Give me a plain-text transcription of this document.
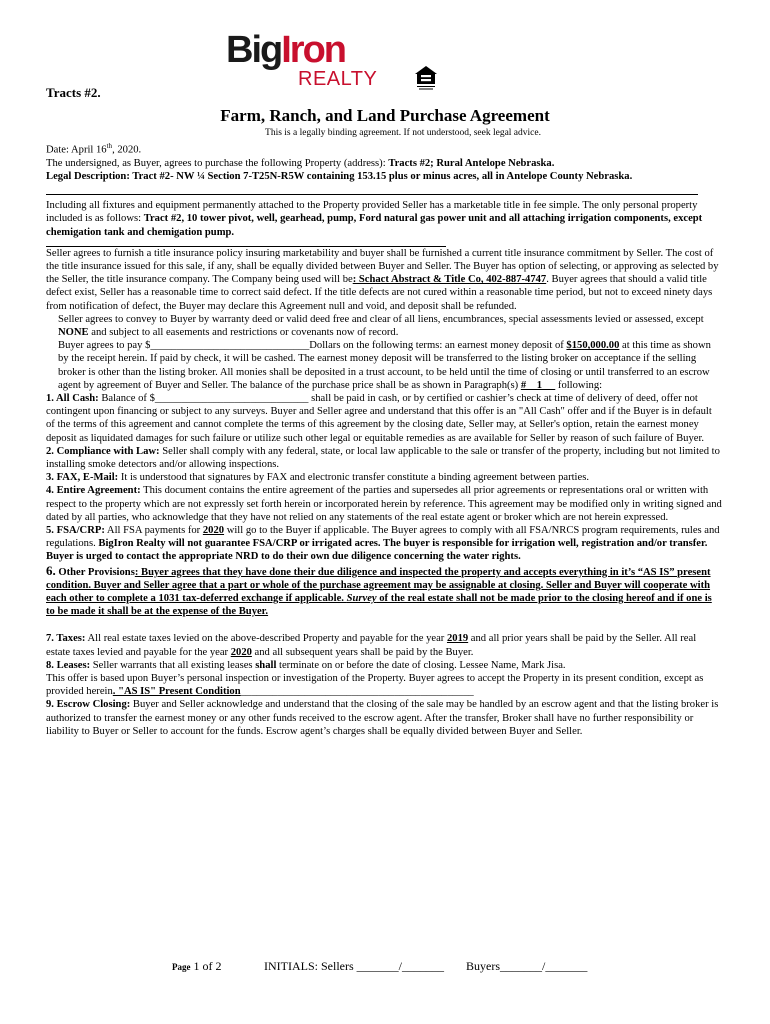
BigIron
REALTY
Tracts #2.
Farm, Ranch, and Land Purchase Agreement
This is a legally binding agreement. If not understood, seek legal advice.

Date: April 16th, 2020.

The undersigned, as Buyer, agrees to purchase the following Property (address): Tracts #2; Rural Antelope Nebraska.
Legal Description: Tract #2- NW ¼ Section 7-T25N-R5W containing 153.15 plus or minus acres, all in Antelope County Nebraska.

Including all fixtures and equipment permanently attached to the Property provided Seller has a marketable title in fee simple. The only personal property included is as follows: Tract #2, 10 tower pivot, well, gearhead, pump, Ford natural gas power unit and all attaching irrigation components, except chemigation tank and chemigation pump.

Seller agrees to furnish a title insurance policy insuring marketability and buyer shall be furnished a current title insurance commitment by Seller. The cost of the title insurance issued for this sale, if any, shall be equally divided between Buyer and Seller. The Buyer has option of selecting, or approving as selected by the Seller, the title insurance company. The Company being used will be: Schact Abstract & Title Co, 402-887-4747. Buyer agrees that should a valid title defect exist, Seller has a reasonable time to correct said defect. If the title defects are not cured within a reasonable time period, but not to exceed ninety days from notification of defect, the Buyer may declare this Agreement null and void, and deposit shall be refunded.

Seller agrees to convey to Buyer by warranty deed or valid deed free and clear of all liens, encumbrances, special assessments levied or assessed, except NONE and subject to all easements and restrictions or covenants now of record.

Buyer agrees to pay $______________________________Dollars on the following terms: an earnest money deposit of $150,000.00 at this time as shown by the receipt herein. If paid by check, it will be cashed. The earnest money deposit will be transferred to the listing broker on acceptance if the selling broker is other than the listing broker. All monies shall be deposited in a trust account, to be held until the time of closing or until transferred to an escrow agent by agreement of Buyer and Seller. The balance of the purchase price shall be as shown in Paragraph(s) #    1      following:

1. All Cash: Balance of $_____________________________ shall be paid in cash, or by certified or cashier’s check at time of delivery of deed, offer not contingent upon financing or subject to any surveys. Buyer and Seller agree and understand that this offer is an "All Cash" offer and if the Buyer is in default of the terms of this agreement and cannot complete the terms of this agreement by the closing date, Seller may, at Seller's option, retain the earnest money deposit as liquidated damages for such failure or utilize such other legal or equitable remedies as are available for Seller by reason of such failure of Buyer.

2. Compliance with Law: Seller shall comply with any federal, state, or local law applicable to the sale or transfer of the property, including but not limited to installing smoke detectors and/or allowing inspections.

3. FAX, E-Mail: It is understood that signatures by FAX and electronic transfer constitute a binding agreement between parties.

4. Entire Agreement: This document contains the entire agreement of the parties and supersedes all prior agreements or representations oral or written with respect to the property which are not expressly set forth herein or incorporated herein by reference. This agreement may be modified only in writing signed and dated by all parties, who acknowledge that they have not relied on any statements of the real estate agent or broker which are not herein expressed.

5. FSA/CRP: All FSA payments for 2020 will go to the Buyer if applicable. The Buyer agrees to comply with all FSA/NRCS program requirements, rules and regulations. BigIron Realty will not guarantee FSA/CRP or irrigated acres. The buyer is responsible for irrigation well, registration and/or transfer. Buyer is urged to contact the appropriate NRD to do their own due diligence concerning the water rights.

6. Other Provisions: Buyer agrees that they have done their due diligence and inspected the property and accepts everything in it’s “AS IS” present condition. Buyer and Seller agree that a part or whole of the purchase agreement may be assignable at closing. Seller and Buyer will cooperate with each other to complete a 1031 tax-deferred exchange if applicable. Survey of the real estate shall not be made prior to the closing hereof and if one is to be made it shall be at the expense of the Buyer.

7. Taxes: All real estate taxes levied on the above-described Property and payable for the year 2019 and all prior years shall be paid by the Seller. All real estate taxes levied and payable for the year 2020 and all subsequent years shall be paid by the Buyer.

8. Leases: Seller warrants that all existing leases shall terminate on or before the date of closing. Lessee Name, Mark Jisa.
This offer is based upon Buyer’s personal inspection or investigation of the Property. Buyer agrees to accept the Property in its present condition, except as provided herein. "AS IS" Present Condition____________________________________________

9. Escrow Closing: Buyer and Seller acknowledge and understand that the closing of the sale may be handled by an escrow agent and that the listing broker is authorized to transfer the earnest money or any other funds received to the escrow agent. After the transfer, Broker shall have no further responsibility or liability to Buyer or Seller to account for the funds. Escrow agent’s charges shall be equally divided between Buyer and Seller.

Page 1 of 2	INITIALS: Sellers _______/_______ Buyers_______/_______
